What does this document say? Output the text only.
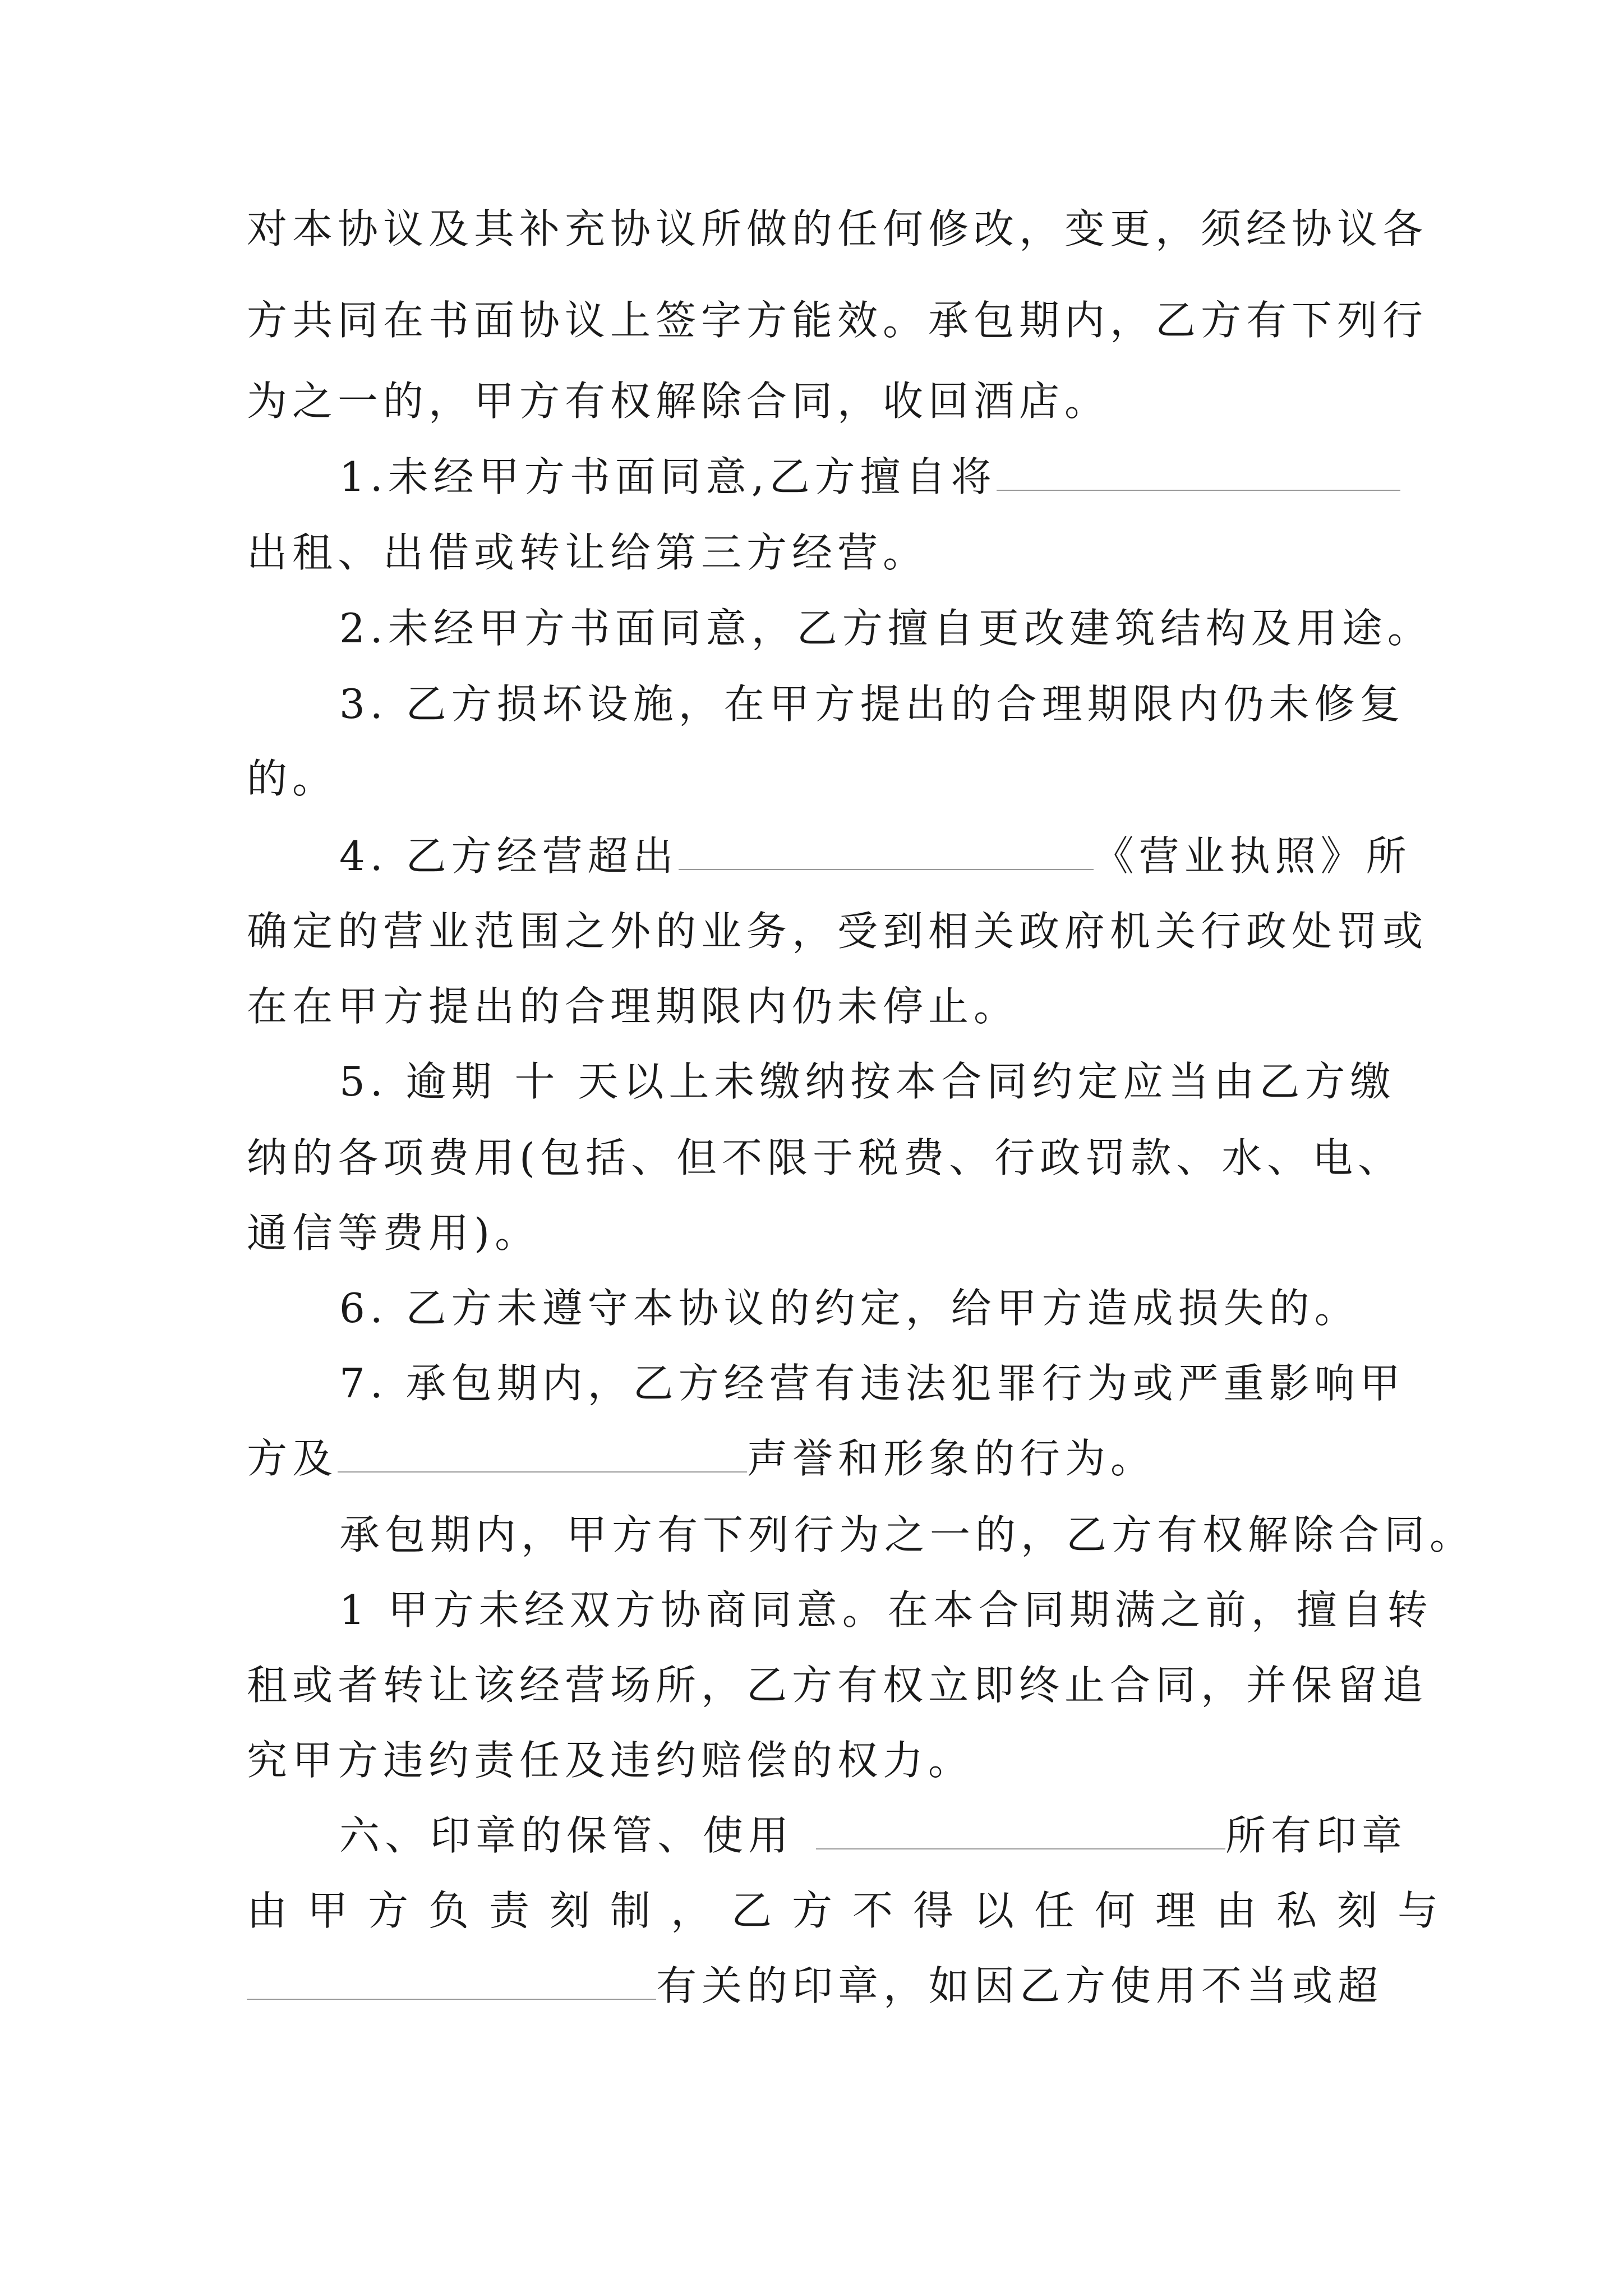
对本协议及其补充协议所做的任何修改，变更，须经协议各
方共同在书面协议上签字方能效。承包期内，乙方有下列行
为之一的，甲方有权解除合同，收回酒店。
1.未经甲方书面同意,乙方擅自将
出租、出借或转让给第三方经营。
2.未经甲方书面同意，乙方擅自更改建筑结构及用途。
3. 乙方损坏设施，在甲方提出的合理期限内仍未修复
的。
4. 乙方经营超出	《营业执照》所
确定的营业范围之外的业务，受到相关政府机关行政处罚或
在在甲方提出的合理期限内仍未停止。
5. 逾期 十 天以上未缴纳按本合同约定应当由乙方缴
纳的各项费用(包括、但不限于税费、行政罚款、水、电、
通信等费用)。
6. 乙方未遵守本协议的约定，给甲方造成损失的。
7. 承包期内，乙方经营有违法犯罪行为或严重影响甲
方及	声誉和形象的行为。
承包期内，甲方有下列行为之一的，乙方有权解除合同。
1 甲方未经双方协商同意。在本合同期满之前，擅自转
租或者转让该经营场所，乙方有权立即终止合同，并保留追
究甲方违约责任及违约赔偿的权力。
六、印章的保管、使用	所有印章
由甲方负责刻制，乙方不得以任何理由私刻与
有关的印章，如因乙方使用不当或超
